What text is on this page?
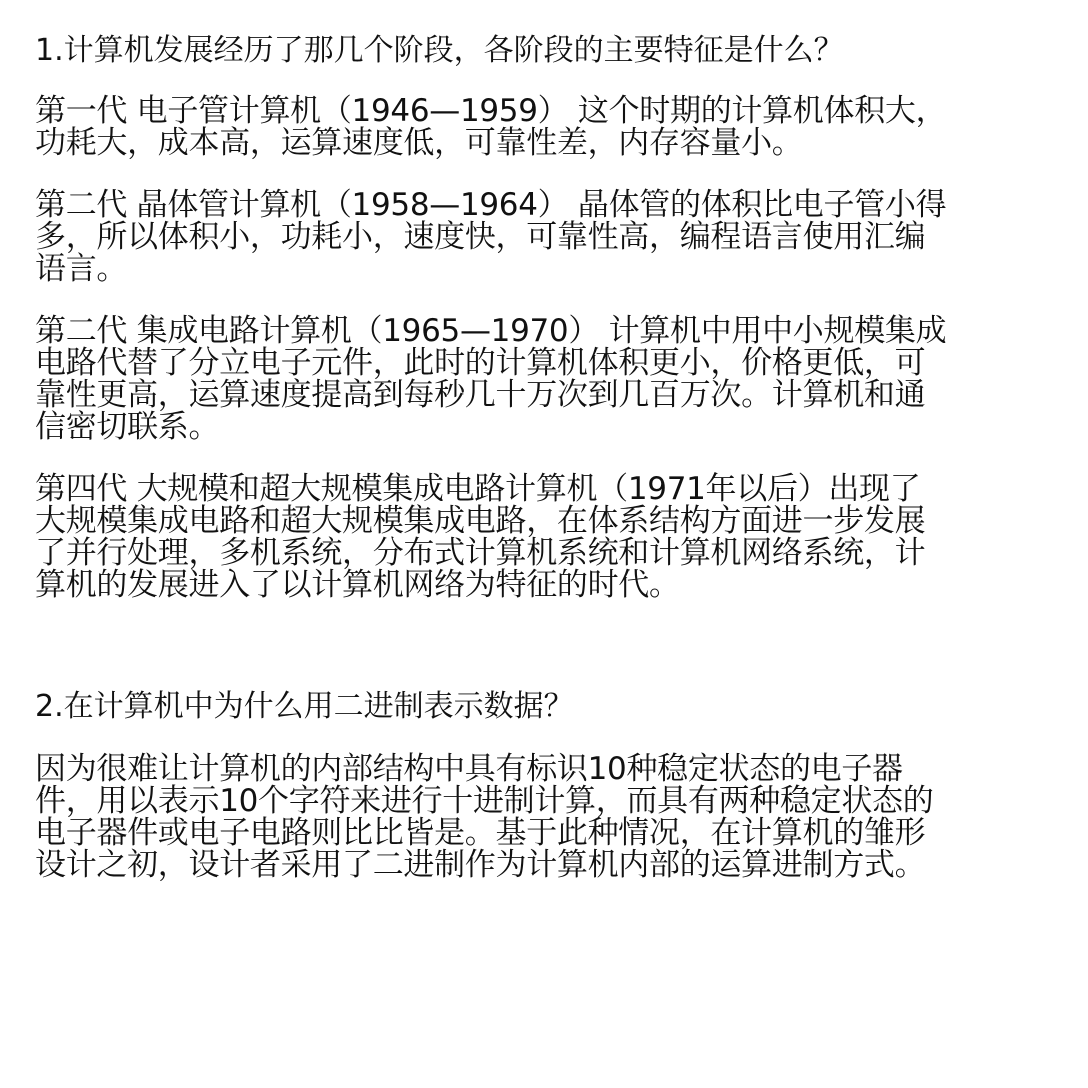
1.计算机发展经历了那几个阶段，各阶段的主要特征是什么？

第一代 电子管计算机（1946—1959） 这个时期的计算机体积大，
功耗大，成本高，运算速度低，可靠性差，内存容量小。

第二代 晶体管计算机（1958—1964） 晶体管的体积比电子管小得
多，所以体积小，功耗小，速度快，可靠性高，编程语言使用汇编
语言。

第二代 集成电路计算机（1965—1970） 计算机中用中小规模集成
电路代替了分立电子元件，此时的计算机体积更小，价格更低，可
靠性更高，运算速度提高到每秒几十万次到几百万次。计算机和通
信密切联系。

第四代 大规模和超大规模集成电路计算机（1971年以后）出现了
大规模集成电路和超大规模集成电路，在体系结构方面进一步发展
了并行处理，多机系统，分布式计算机系统和计算机网络系统，计
算机的发展进入了以计算机网络为特征的时代。

2.在计算机中为什么用二进制表示数据？

因为很难让计算机的内部结构中具有标识10种稳定状态的电子器
件，用以表示10个字符来进行十进制计算，而具有两种稳定状态的
电子器件或电子电路则比比皆是。基于此种情况，在计算机的雏形
设计之初，设计者采用了二进制作为计算机内部的运算进制方式。
